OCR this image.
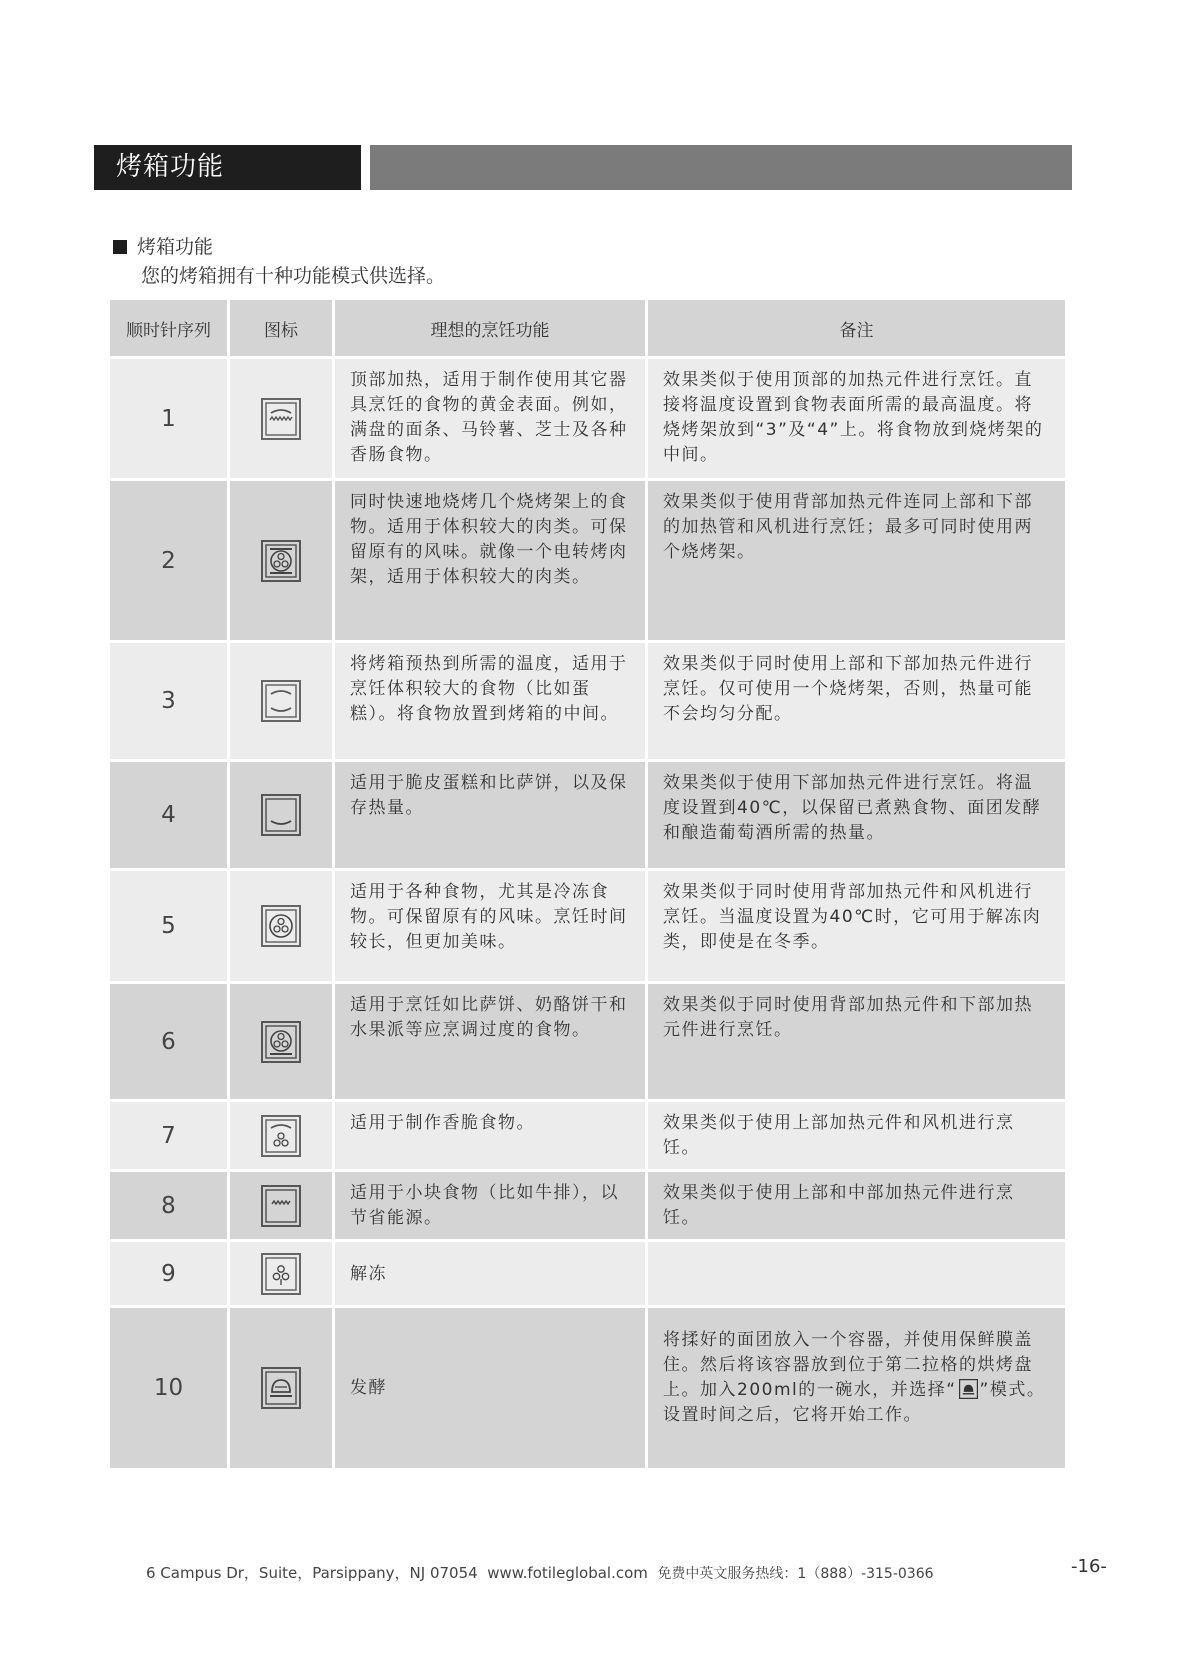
烤箱功能
烤箱功能
您的烤箱拥有十种功能模式供选择。
顺时针序列	图标	理想的烹饪功能	备注
1		顶部加热，适用于制作使用其它器具烹饪的食物的黄金表面。例如，满盘的面条、马铃薯、芝士及各种香肠食物。	效果类似于使用顶部的加热元件进行烹饪。直接将温度设置到食物表面所需的最高温度。将烧烤架放到“3”及“4”上。将食物放到烧烤架的中间。
2		同时快速地烧烤几个烧烤架上的食物。适用于体积较大的肉类。可保留原有的风味。就像一个电转烤肉架，适用于体积较大的肉类。	效果类似于使用背部加热元件连同上部和下部的加热管和风机进行烹饪；最多可同时使用两个烧烤架。
3		将烤箱预热到所需的温度，适用于烹饪体积较大的食物（比如蛋糕）。将食物放置到烤箱的中间。	效果类似于同时使用上部和下部加热元件进行烹饪。仅可使用一个烧烤架，否则，热量可能不会均匀分配。
4		适用于脆皮蛋糕和比萨饼，以及保存热量。	效果类似于使用下部加热元件进行烹饪。将温度设置到40℃，以保留已煮熟食物、面团发酵和酿造葡萄酒所需的热量。
5		适用于各种食物，尤其是冷冻食物。可保留原有的风味。烹饪时间较长，但更加美味。	效果类似于同时使用背部加热元件和风机进行烹饪。当温度设置为40℃时，它可用于解冻肉类，即使是在冬季。
6		适用于烹饪如比萨饼、奶酪饼干和水果派等应烹调过度的食物。	效果类似于同时使用背部加热元件和下部加热元件进行烹饪。
7		适用于制作香脆食物。	效果类似于使用上部加热元件和风机进行烹饪。
8		适用于小块食物（比如牛排），以节省能源。	效果类似于使用上部和中部加热元件进行烹饪。
9		解冻	
10		发酵	将揉好的面团放入一个容器，并使用保鲜膜盖住。然后将该容器放到位于第二拉格的烘烤盘上。加入200ml的一碗水，并选择“ ”模式。设置时间之后，它将开始工作。
6 Campus Dr，Suite，Parsippany，NJ 07054 www.fotileglobal.com 免费中英文服务热线：1（888）-315-0366	-16-
